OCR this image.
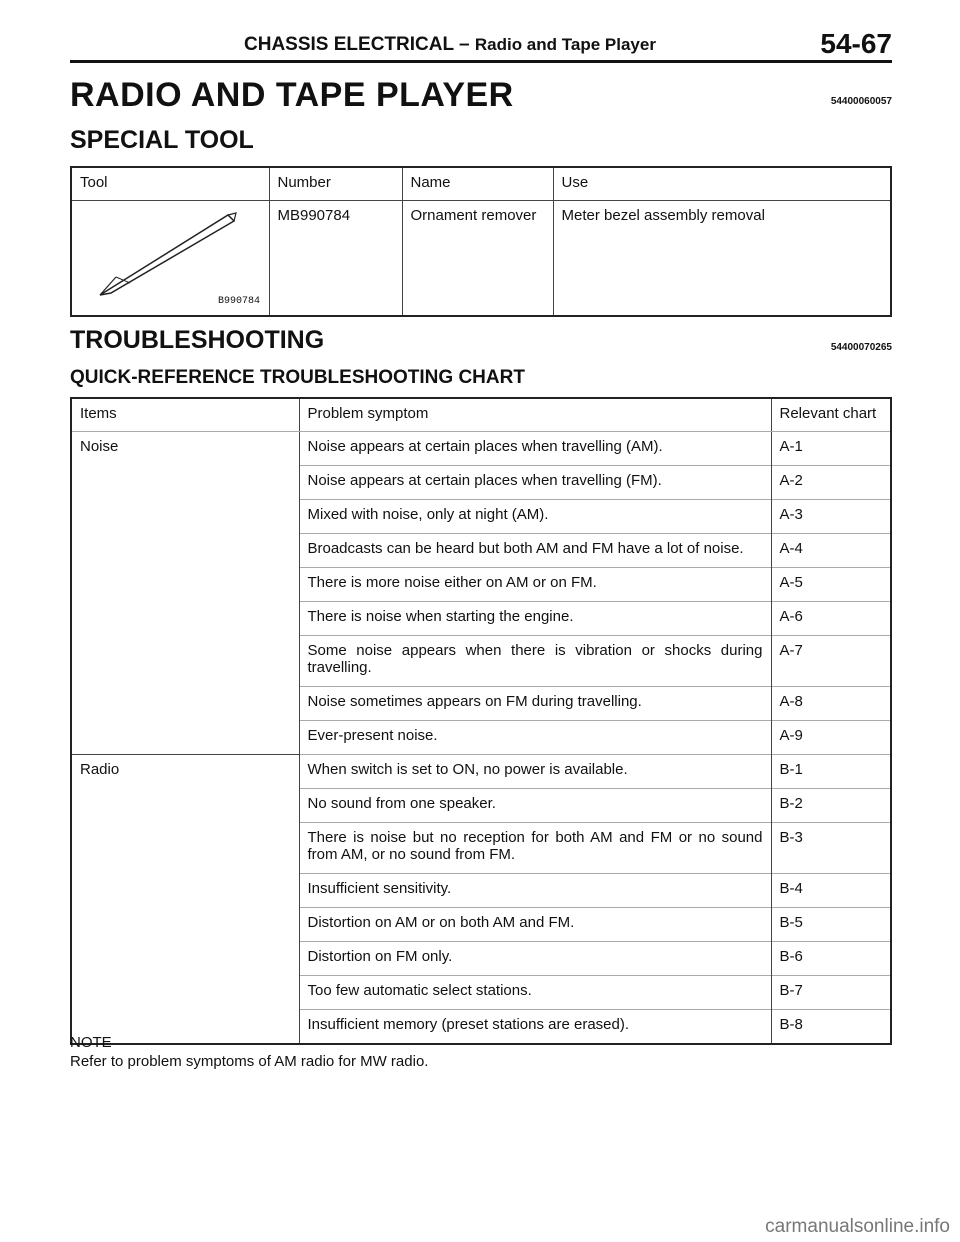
CHASSIS ELECTRICAL – Radio and Tape Player	54-67
RADIO AND TAPE PLAYER	54400060057
SPECIAL TOOL
Tool	Number	Name	Use

B990784	MB990784	Ornament remover	Meter bezel assembly removal
TROUBLESHOOTING	54400070265
QUICK-REFERENCE TROUBLESHOOTING CHART
Items	Problem symptom	Relevant chart
Noise	Noise appears at certain places when travelling (AM).	A-1
	Noise appears at certain places when travelling (FM).	A-2
	Mixed with noise, only at night (AM).	A-3
	Broadcasts can be heard but both AM and FM have a lot of noise.	A-4
	There is more noise either on AM or on FM.	A-5
	There is noise when starting the engine.	A-6
	Some noise appears when there is vibration or shocks during travelling.	A-7
	Noise sometimes appears on FM during travelling.	A-8
	Ever-present noise.	A-9
Radio	When switch is set to ON, no power is available.	B-1
	No sound from one speaker.	B-2
	There is noise but no reception for both AM and FM or no sound from AM, or no sound from FM.	B-3
	Insufficient sensitivity.	B-4
	Distortion on AM or on both AM and FM.	B-5
	Distortion on FM only.	B-6
	Too few automatic select stations.	B-7
	Insufficient memory (preset stations are erased).	B-8
NOTE
Refer to problem symptoms of AM radio for MW radio.
carmanualsonline.info
